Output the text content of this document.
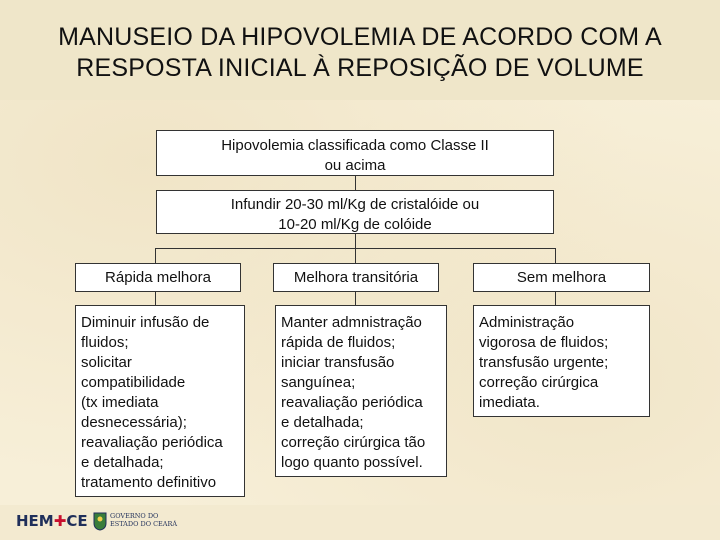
MANUSEIO DA HIPOVOLEMIA DE ACORDO COM A
RESPOSTA INICIAL À REPOSIÇÃO DE VOLUME
Hipovolemia classificada como Classe II
ou acima
Infundir 20-30 ml/Kg de cristalóide ou
10-20 ml/Kg de colóide
Rápida melhora	Melhora transitória	Sem melhora
Diminuir infusão de
fluidos;
solicitar
compatibilidade
(tx imediata
desnecessária);
reavaliação periódica
e detalhada;
tratamento definitivo
Manter admnistração
rápida de fluidos;
iniciar transfusão
sanguínea;
reavaliação periódica
e detalhada;
correção cirúrgica tão
logo quanto possível.
Administração
vigorosa de fluidos;
transfusão urgente;
correção cirúrgica
imediata.
HEM✚CE	GOVERNO DO
ESTADO DO CEARÁ
